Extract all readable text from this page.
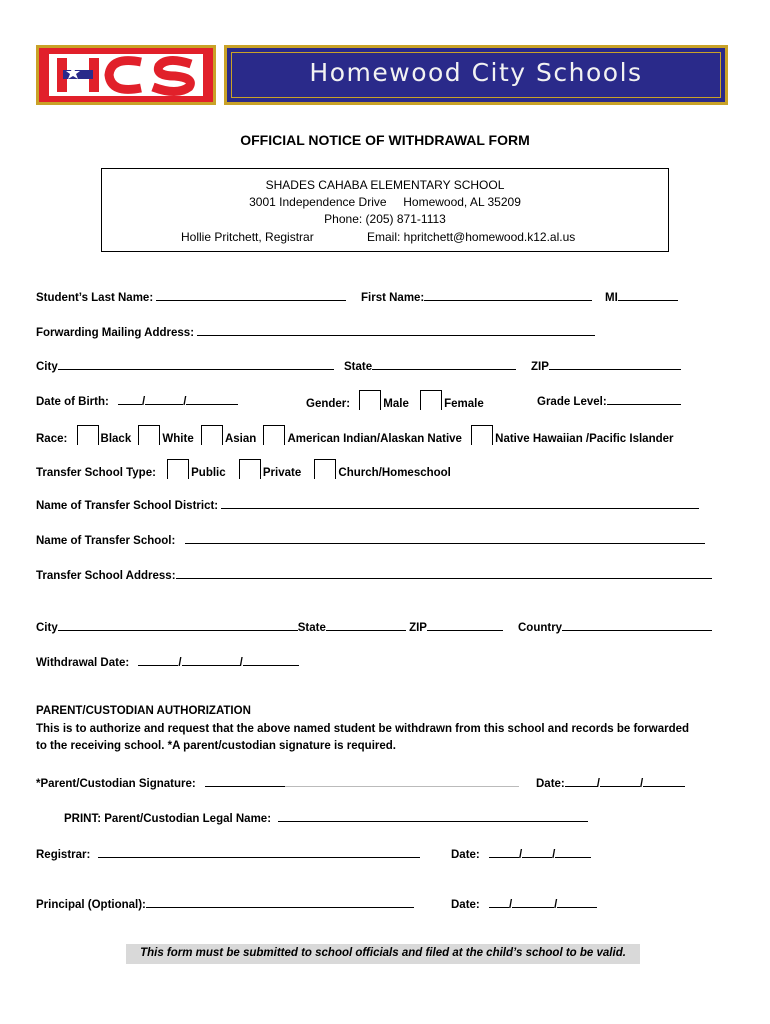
Homewood City Schools
OFFICIAL NOTICE OF WITHDRAWAL FORM
SHADES CAHABA ELEMENTARY SCHOOL
3001 Independence Drive     Homewood, AL 35209
Phone: (205) 871-1113
Hollie Pritchett, Registrar	Email: hpritchett@homewood.k12.al.us
Student’s Last Name:	First Name:	MI
Forwarding Mailing Address:
City	State	ZIP
Date of Birth:	/	/	Gender:	Male	Female	Grade Level:
Race:	Black	White	Asian	American Indian/Alaskan Native	Native Hawaiian /Pacific Islander
Transfer School Type:	Public	Private	Church/Homeschool
Name of Transfer School District:
Name of Transfer School:
Transfer School Address:
City	State	ZIP	Country
Withdrawal Date:	/	/
PARENT/CUSTODIAN AUTHORIZATION
This is to authorize and request that the above named student be withdrawn from this school and records be forwarded
to the receiving school. *A parent/custodian signature is required.
*Parent/Custodian Signature:	Date:	/	/
PRINT: Parent/Custodian Legal Name:
Registrar:	Date:	/	/
Principal (Optional):	Date:	/	/
This form must be submitted to school officials and filed at the child’s school to be valid.
